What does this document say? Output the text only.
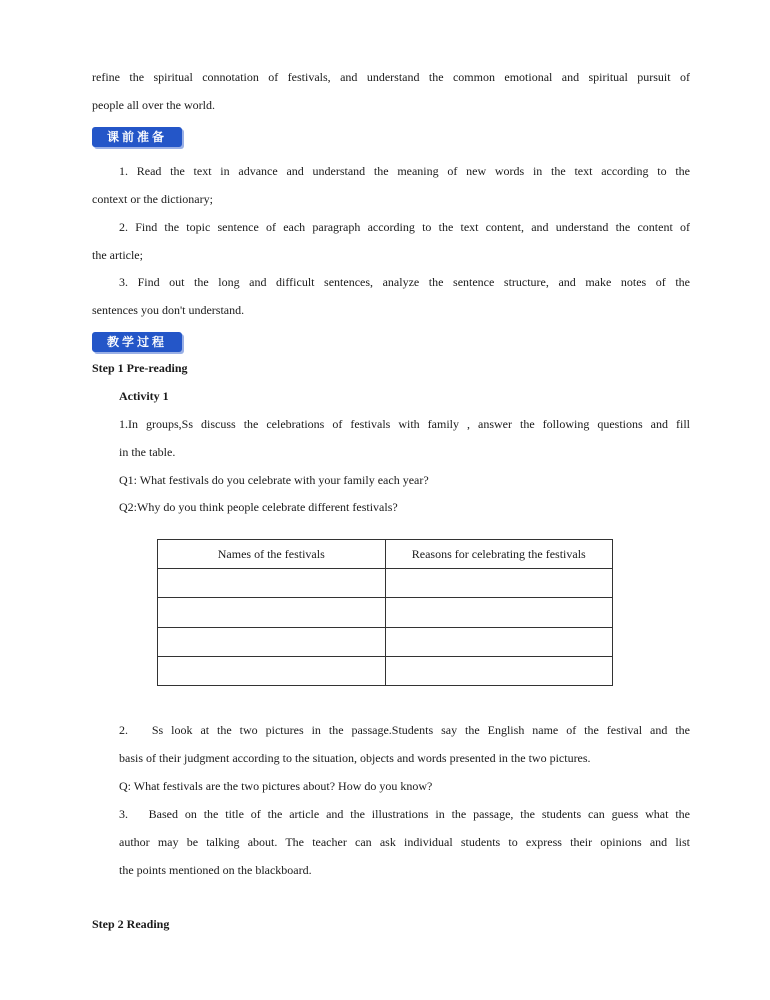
refine the spiritual connotation of festivals, and understand the common emotional and spiritual pursuit of
people all over the world.
课前准备
1. Read the text in advance and understand the meaning of new words in the text according to the
context or the dictionary;
2. Find the topic sentence of each paragraph according to the text content, and understand the content of
the article;
3. Find out the long and difficult sentences, analyze the sentence structure, and make notes of the
sentences you don't understand.
教学过程
Step 1 Pre-reading
Activity 1
1.In groups,Ss discuss the celebrations of festivals with family , answer the following questions and fill
in the table.
Q1: What festivals do you celebrate with your family each year?
Q2:Why do you think people celebrate different festivals?
Names of the festivals	Reasons for celebrating the festivals

2.   Ss look at the two pictures in the passage.Students say the English name of the festival and the
basis of their judgment according to the situation, objects and words presented in the two pictures.
Q: What festivals are the two pictures about? How do you know?
3.   Based on the title of the article and the illustrations in the passage, the students can guess what the
author may be talking about. The teacher can ask individual students to express their opinions and list
the points mentioned on the blackboard.
Step 2 Reading
